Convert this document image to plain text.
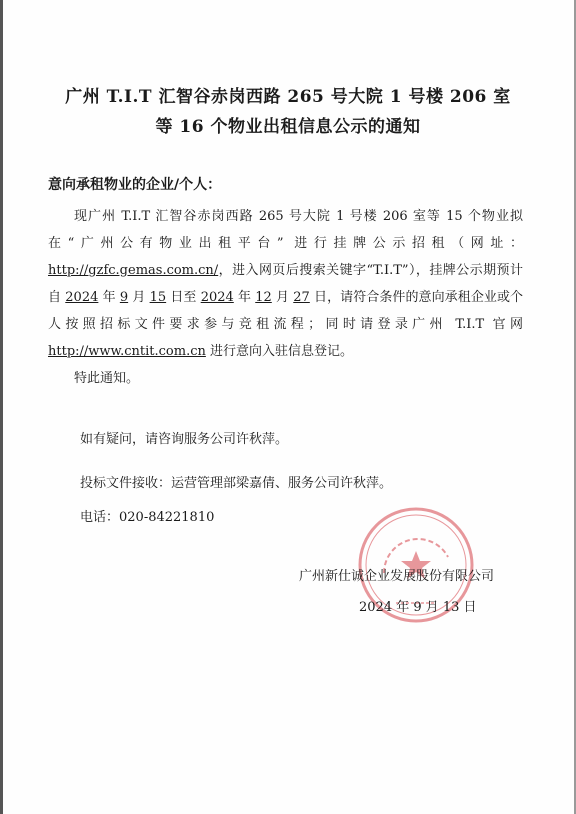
广州 T.I.T 汇智谷赤岗西路 265 号大院 1 号楼 206 室
等 16 个物业出租信息公示的通知
意向承租物业的企业/个人：

现广州 T.I.T 汇智谷赤岗西路 265 号大院 1 号楼 206 室等 15 个物业拟在“广州公有物业出租平台” 进行挂牌公示招租（网址：http://gzfc.gemas.com.cn/，进入网页后搜索关键字“T.I.T”），挂牌公示期预计自 2024 年 9 月 15 日至 2024 年 12 月 27 日，请符合条件的意向承租企业或个人按照招标文件要求参与竞租流程；同时请登录广州 T.I.T 官网 http://www.cntit.com.cn 进行意向入驻信息登记。

特此通知。

如有疑问，请咨询服务公司许秋萍。
投标文件接收：运营管理部梁嘉倩、服务公司许秋萍。
电话：020-84221810
广州新仕诚企业发展股份有限公司
2024 年 9 月 13 日
